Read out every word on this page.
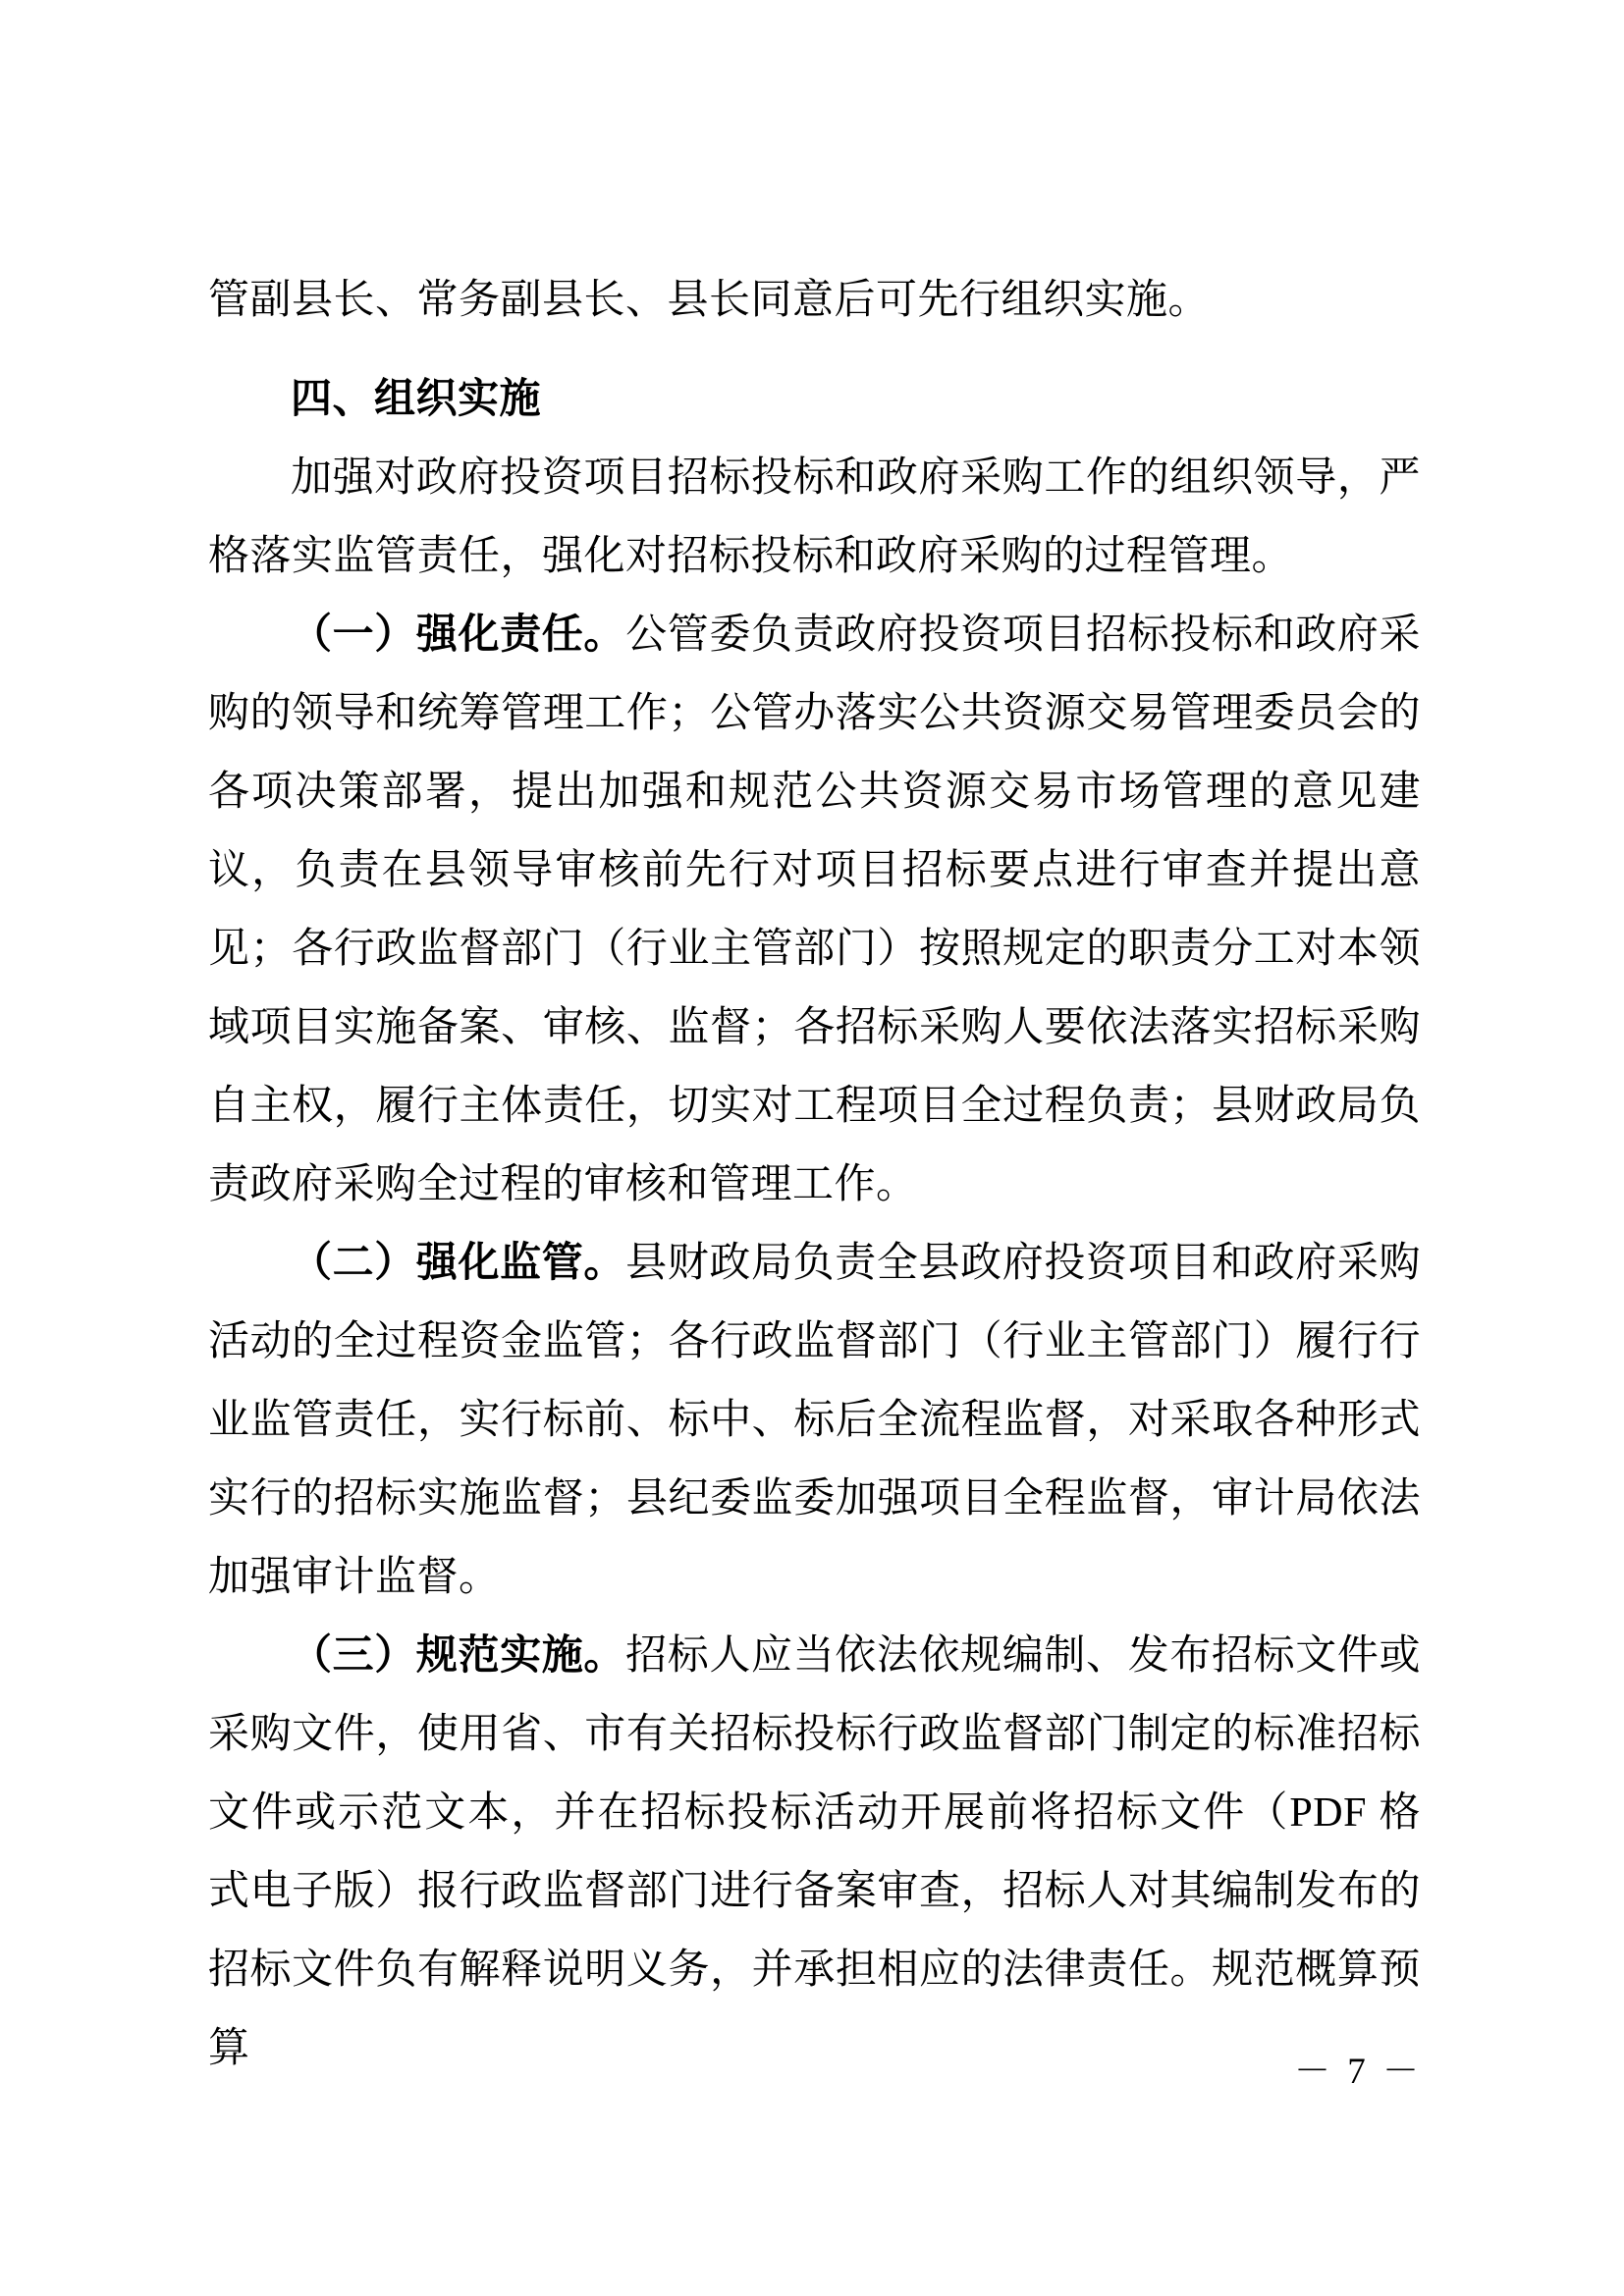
管副县长、常务副县长、县长同意后可先行组织实施。

四、组织实施

加强对政府投资项目招标投标和政府采购工作的组织领导，严格落实监管责任，强化对招标投标和政府采购的过程管理。

（一）强化责任。公管委负责政府投资项目招标投标和政府采购的领导和统筹管理工作；公管办落实公共资源交易管理委员会的各项决策部署，提出加强和规范公共资源交易市场管理的意见建议，负责在县领导审核前先行对项目招标要点进行审查并提出意见；各行政监督部门（行业主管部门）按照规定的职责分工对本领域项目实施备案、审核、监督；各招标采购人要依法落实招标采购自主权，履行主体责任，切实对工程项目全过程负责；县财政局负责政府采购全过程的审核和管理工作。

（二）强化监管。县财政局负责全县政府投资项目和政府采购活动的全过程资金监管；各行政监督部门（行业主管部门）履行行业监管责任，实行标前、标中、标后全流程监督，对采取各种形式实行的招标实施监督；县纪委监委加强项目全程监督，审计局依法加强审计监督。

（三）规范实施。招标人应当依法依规编制、发布招标文件或采购文件，使用省、市有关招标投标行政监督部门制定的标准招标文件或示范文本，并在招标投标活动开展前将招标文件（PDF 格式电子版）报行政监督部门进行备案审查，招标人对其编制发布的招标文件负有解释说明义务，并承担相应的法律责任。规范概算预算

－ 7 －
